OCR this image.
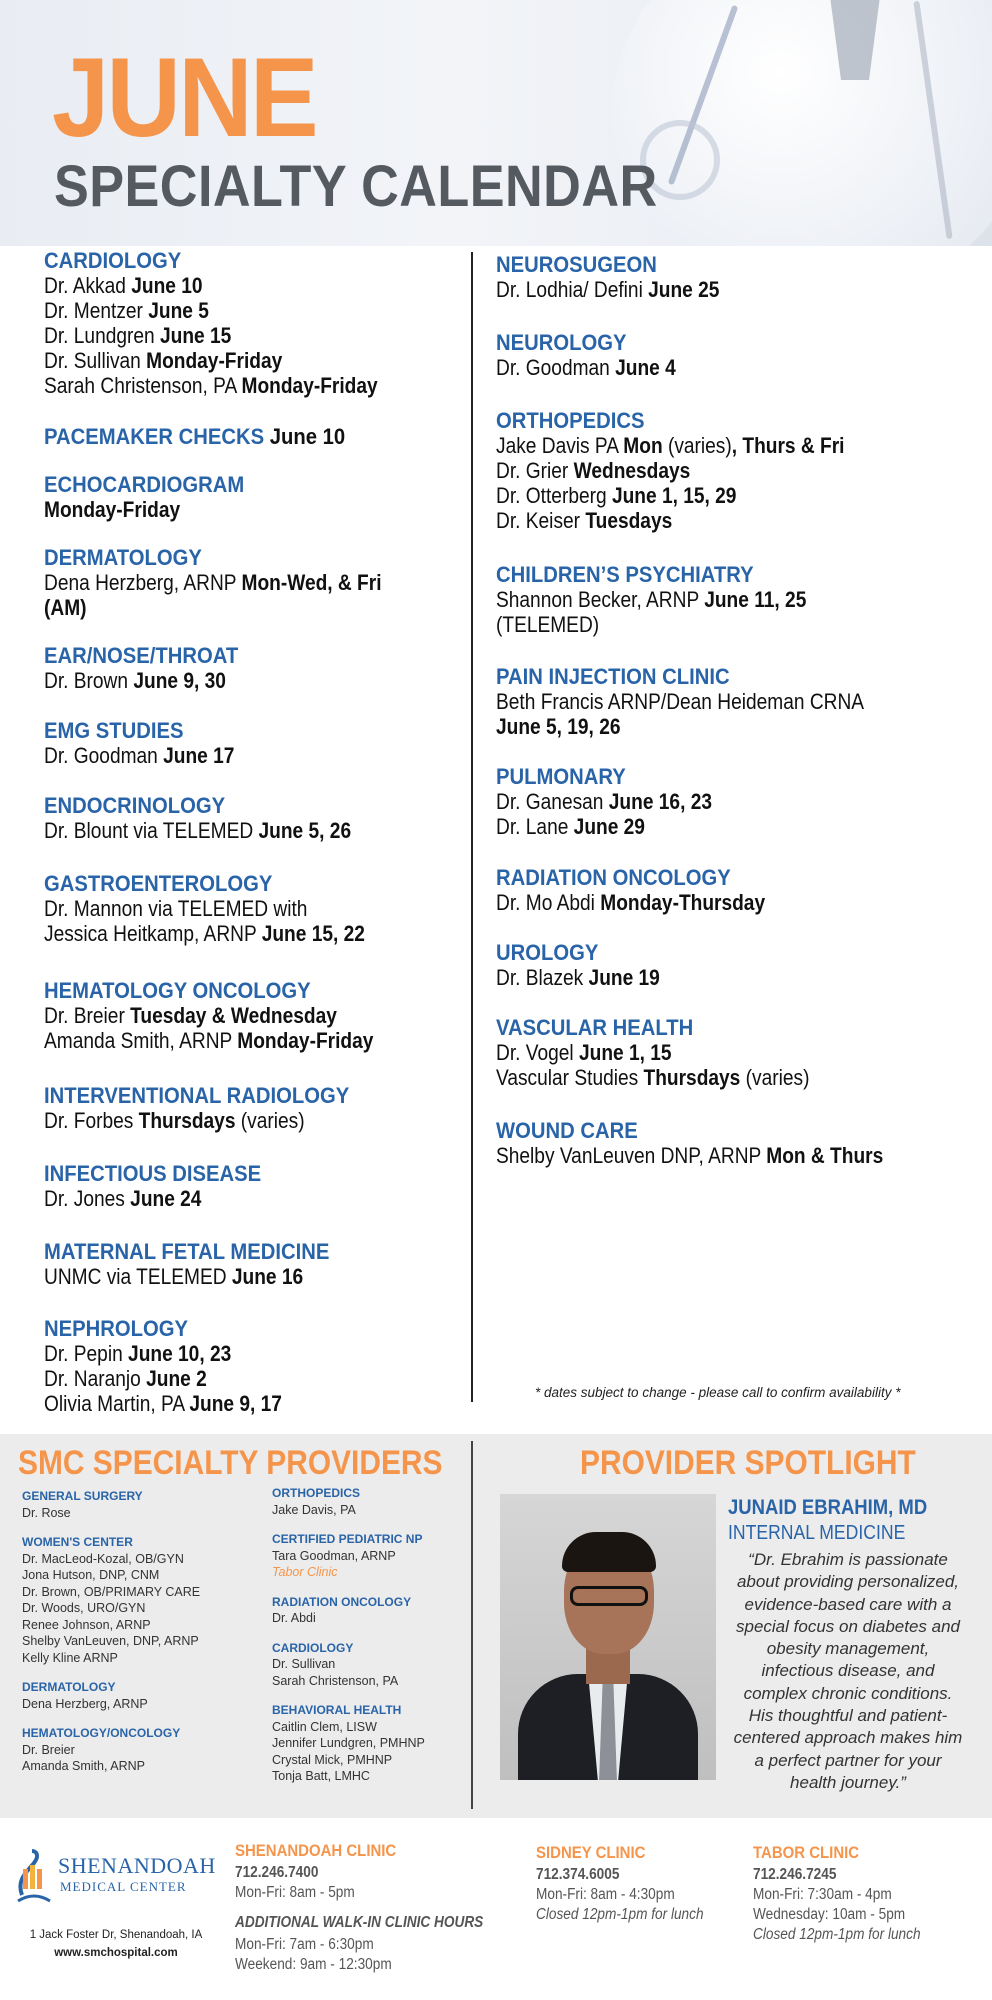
JUNE
SPECIALTY CALENDAR
CARDIOLOGY
Dr. Akkad June 10
Dr. Mentzer June 5
Dr. Lundgren June 15
Dr. Sullivan Monday-Friday
Sarah Christenson, PA Monday-Friday
PACEMAKER CHECKS June 10
ECHOCARDIOGRAM
Monday-Friday
DERMATOLOGY
Dena Herzberg, ARNP Mon-Wed, & Fri
(AM)
EAR/NOSE/THROAT
Dr. Brown June 9, 30
EMG STUDIES
Dr. Goodman June 17
ENDOCRINOLOGY
Dr. Blount via TELEMED June 5, 26
GASTROENTEROLOGY
Dr. Mannon via TELEMED with
Jessica Heitkamp, ARNP June 15, 22
HEMATOLOGY ONCOLOGY
Dr. Breier Tuesday & Wednesday
Amanda Smith, ARNP Monday-Friday
INTERVENTIONAL RADIOLOGY
Dr. Forbes Thursdays (varies)
INFECTIOUS DISEASE
Dr. Jones June 24
MATERNAL FETAL MEDICINE
UNMC via TELEMED June 16
NEPHROLOGY
Dr. Pepin June 10, 23
Dr. Naranjo June 2
Olivia Martin, PA June 9, 17
NEUROSUGEON
Dr. Lodhia/ Defini June 25
NEUROLOGY
Dr. Goodman June 4
ORTHOPEDICS
Jake Davis PA Mon (varies), Thurs & Fri
Dr. Grier Wednesdays
Dr. Otterberg June 1, 15, 29
Dr. Keiser Tuesdays
CHILDREN’S PSYCHIATRY
Shannon Becker, ARNP June 11, 25
(TELEMED)
PAIN INJECTION CLINIC
Beth Francis ARNP/Dean Heideman CRNA
June 5, 19, 26
PULMONARY
Dr. Ganesan June 16, 23
Dr. Lane June 29
RADIATION ONCOLOGY
Dr. Mo Abdi Monday-Thursday
UROLOGY
Dr. Blazek June 19
VASCULAR HEALTH
Dr. Vogel June 1, 15
Vascular Studies Thursdays (varies)
WOUND CARE
Shelby VanLeuven DNP, ARNP Mon & Thurs
* dates subject to change - please call to confirm availability *
SMC SPECIALTY PROVIDERS
GENERAL SURGERY
Dr. Rose
WOMEN'S CENTER
Dr. MacLeod-Kozal, OB/GYN
Jona Hutson, DNP, CNM
Dr. Brown, OB/PRIMARY CARE
Dr. Woods, URO/GYN
Renee Johnson, ARNP
Shelby VanLeuven, DNP, ARNP
Kelly Kline ARNP
DERMATOLOGY
Dena Herzberg, ARNP
HEMATOLOGY/ONCOLOGY
Dr. Breier
Amanda Smith, ARNP
ORTHOPEDICS
Jake Davis, PA
CERTIFIED PEDIATRIC NP
Tara Goodman, ARNP
Tabor Clinic
RADIATION ONCOLOGY
Dr. Abdi
CARDIOLOGY
Dr. Sullivan
Sarah Christenson, PA
BEHAVIORAL HEALTH
Caitlin Clem, LISW
Jennifer Lundgren, PMHNP
Crystal Mick, PMHNP
Tonja Batt, LMHC
PROVIDER SPOTLIGHT
JUNAID EBRAHIM, MD
INTERNAL MEDICINE
“Dr. Ebrahim is passionate
about providing personalized,
evidence-based care with a
special focus on diabetes and
obesity management,
infectious disease, and
complex chronic conditions.
His thoughtful and patient-
centered approach makes him
a perfect partner for your
health journey.”
SHENANDOAH
MEDICAL CENTER
1 Jack Foster Dr, Shenandoah, IA
www.smchospital.com
SHENANDOAH CLINIC
712.246.7400
Mon-Fri: 8am - 5pm
ADDITIONAL WALK-IN CLINIC HOURS
Mon-Fri: 7am - 6:30pm
Weekend: 9am - 12:30pm
SIDNEY CLINIC
712.374.6005
Mon-Fri: 8am - 4:30pm
Closed 12pm-1pm for lunch
TABOR CLINIC
712.246.7245
Mon-Fri: 7:30am - 4pm
Wednesday: 10am - 5pm
Closed 12pm-1pm for lunch
